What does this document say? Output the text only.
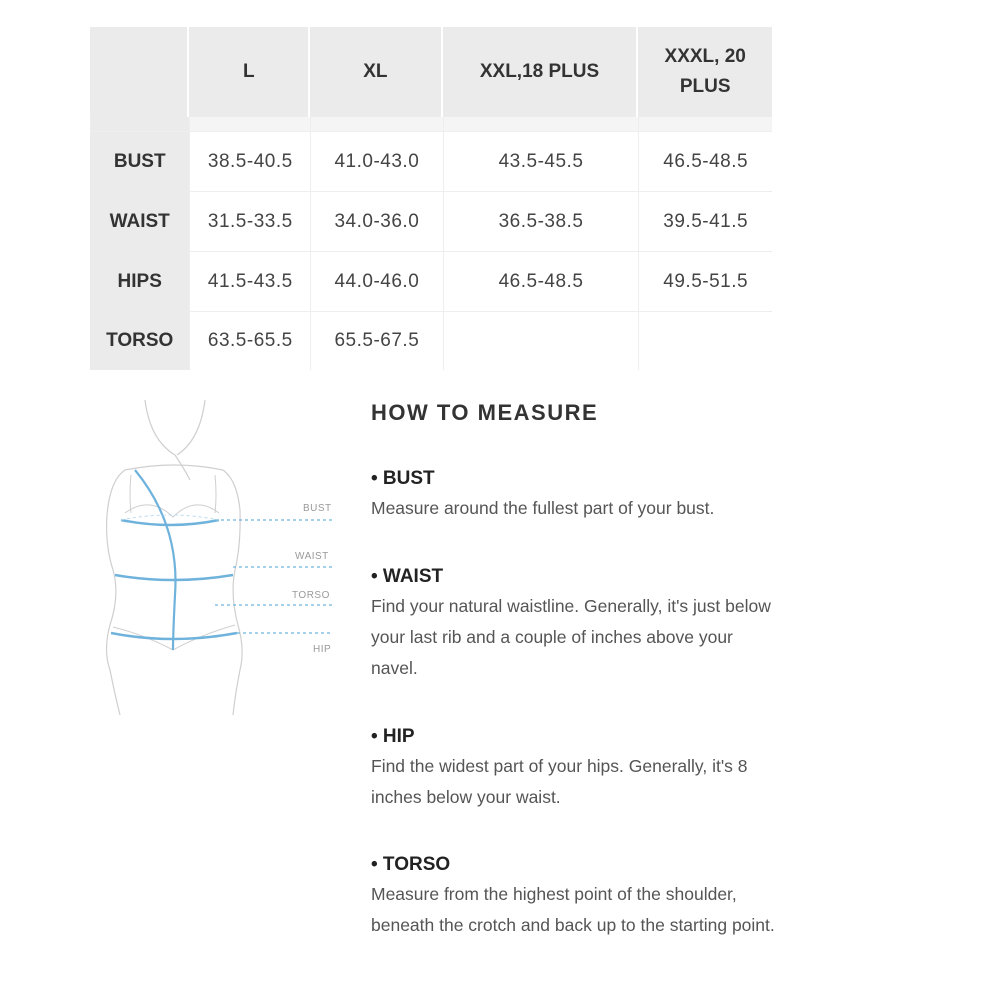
	L	XL	XXL,18 PLUS	XXXL, 20 PLUS

BUST	38.5-40.5	41.0-43.0	43.5-45.5	46.5-48.5
WAIST	31.5-33.5	34.0-36.0	36.5-38.5	39.5-41.5
HIPS	41.5-43.5	44.0-46.0	46.5-48.5	49.5-51.5
TORSO	63.5-65.5	65.5-67.5		
BUST
WAIST
TORSO
HIP
HOW TO MEASURE

• BUST

Measure around the fullest part of your bust.

• WAIST

Find your natural waistline. Generally, it's just below your last rib and a couple of inches above your navel.

• HIP

Find the widest part of your hips. Generally, it's 8 inches below your waist.

• TORSO

Measure from the highest point of the shoulder, beneath the crotch and back up to the starting point.
